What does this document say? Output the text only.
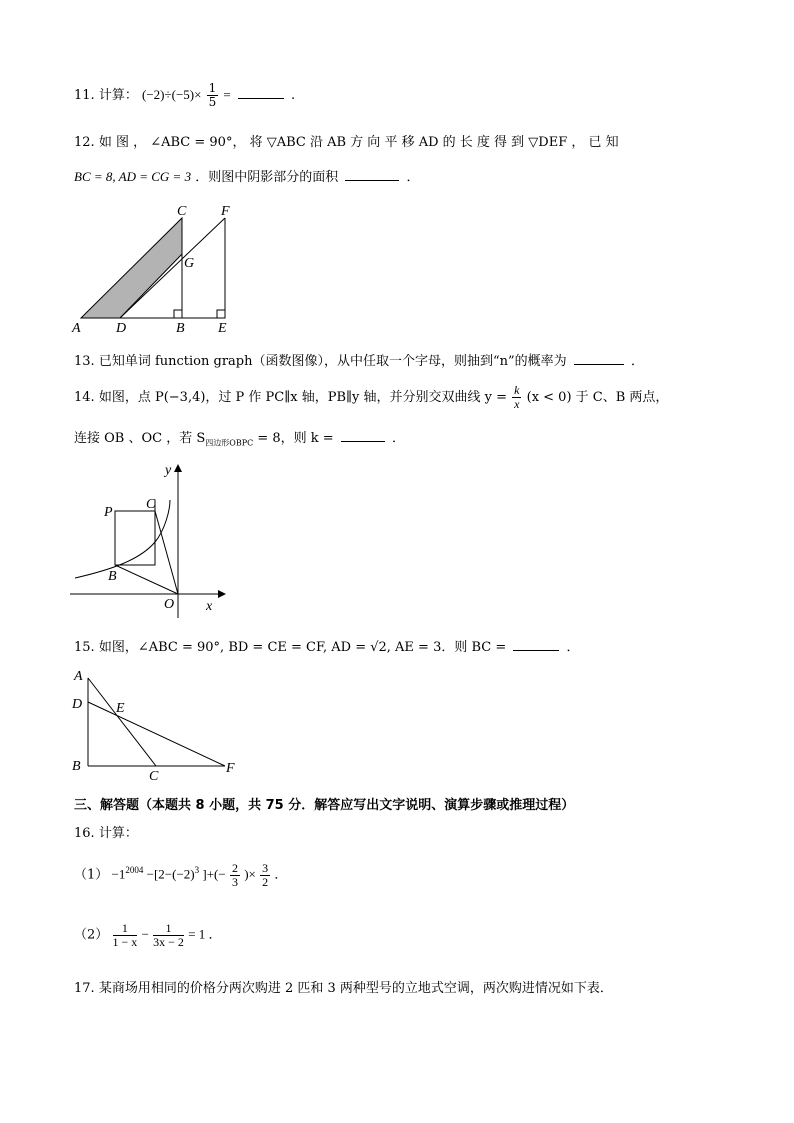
11. 计算： $(-2)\div(-5)\times \frac{1}{5}$ =	.
12. 如 图 ， ∠ABC = 90°， 将 ▽ABC 沿 AB 方 向 平 移 AD 的 长 度 得 到 ▽DEF ， 已 知
BC = 8, AD = CG = 3 ．则图中阴影部分的面积	．
A	D	B E
C F
G
13. 已知单词 function graph（函数图像），从中任取一个字母，则抽到“n”的概率为	．
14. 如图，点 P(−3,4)，过 P 作 PC∥x 轴，PB∥y 轴，并分别交双曲线 $y = \frac{k}{x} (x < 0)$ 于 C、B 两点，
连接 OB 、OC ，若 $S_{四边形OBPC} = 8$，则 k =	．
y
x
P
C
B
O
15. 如图，∠ABC = 90°, BD = CE = CF, AD = √2, AE = 3．则 BC =	．
A
D E
B
C
F
三、解答题（本题共 8 小题，共 75 分．解答应写出文字说明、演算步骤或推理过程）
16. 计算：
$(1) -1^{2004} -[2-(-2)^3$ ]+(− $\frac{2}{3}$ )× $\frac{3}{2}$ ．
$(2) \frac{1}{1 - x} - \frac{1}{3x - 2} = 1$ ．
17. 某商场用相同的价格分两次购进 2 匹和 3 两种型号的立地式空调，两次购进情况如下表．
